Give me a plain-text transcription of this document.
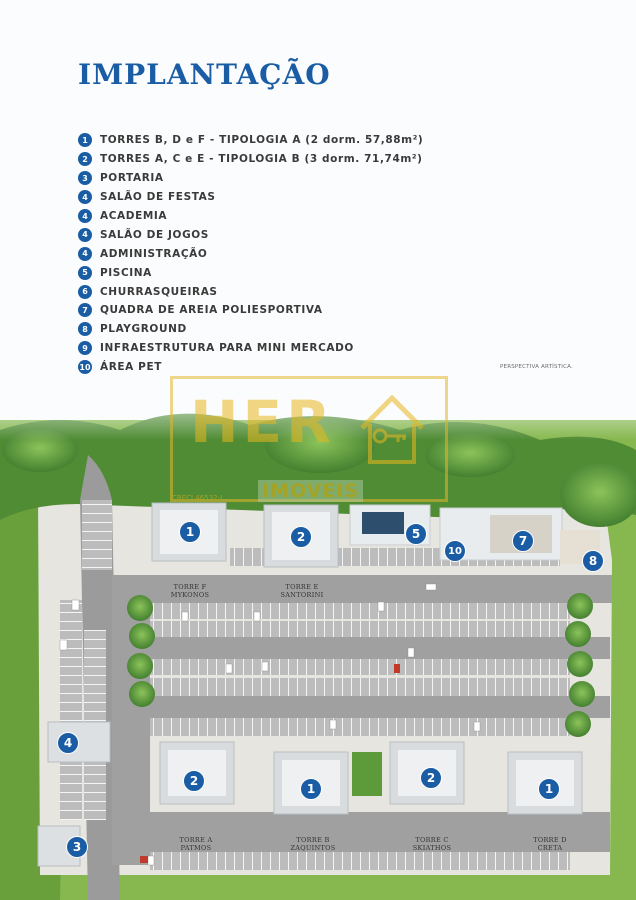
IMPLANTAÇÃO
1	TORRES B, D e F - TIPOLOGIA A (2 dorm. 57,88m²)
2	TORRES A, C e E - TIPOLOGIA B (3 dorm. 71,74m²)
3	PORTARIA
4	SALÃO DE FESTAS
4	ACADEMIA
4	SALÃO DE JOGOS
4	ADMINISTRAÇÃO
5	PISCINA
6	CHURRASQUEIRAS
7	QUADRA DE AREIA POLIESPORTIVA
8	PLAYGROUND
9	INFRAESTRUTURA PARA MINI MERCADO
10 ÁREA PET	PERSPECTIVA ARTÍSTICA.
HER
IMOVEIS
CRECI 46532-J
1	2	5
10
7
8
4
3
2
1
2
1
TORRE F
MYKONOS
TORRE E
SANTORINI
TORRE A
PATMOS
TORRE B
ZAQUINTOS
TORRE C
SKIATHOS
TORRE D
CRETA
